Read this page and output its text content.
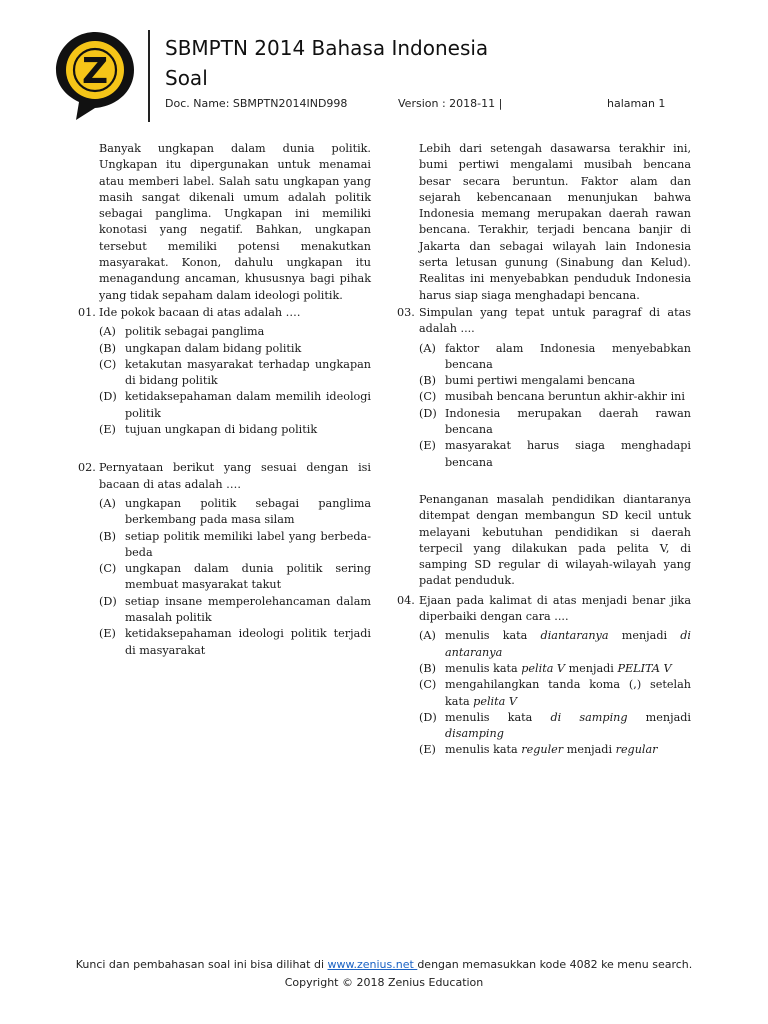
Z
SBMPTN 2014 Bahasa Indonesia
Soal
Doc. Name: SBMPTN2014IND998	Version : 2018-11 |	halaman 1

Banyak ungkapan dalam dunia politik. Ungkapan itu dipergunakan untuk menamai atau memberi label. Salah satu ungkapan yang masih sangat dikenali umum adalah politik sebagai panglima. Ungkapan ini memiliki konotasi yang negatif. Bahkan, ungkapan tersebut memiliki potensi menakutkan masyarakat. Konon, dahulu ungkapan itu menagandung ancaman, khususnya bagi pihak yang tidak sepaham dalam ideologi politik.

01. Ide pokok bacaan di atas adalah ….
(A) politik sebagai panglima
(B) ungkapan dalam bidang politik
(C) ketakutan masyarakat terhadap ungkapan di bidang politik
(D) ketidaksepahaman dalam memilih ideologi politik
(E) tujuan ungkapan di bidang politik
02. Pernyataan berikut yang sesuai dengan isi bacaan di atas adalah ….
(A) ungkapan politik sebagai panglima berkembang pada masa silam
(B) setiap politik memiliki label yang berbeda-beda
(C) ungkapan dalam dunia politik sering membuat masyarakat takut
(D) setiap insane memperolehancaman dalam masalah politik
(E) ketidaksepahaman ideologi politik terjadi di masyarakat

Lebih dari setengah dasawarsa terakhir ini, bumi pertiwi mengalami musibah bencana besar secara beruntun. Faktor alam dan sejarah kebencanaan menunjukan bahwa Indonesia memang merupakan daerah rawan bencana. Terakhir, terjadi bencana banjir di Jakarta dan sebagai wilayah lain Indonesia serta letusan gunung (Sinabung dan Kelud). Realitas ini menyebabkan penduduk Indonesia harus siap siaga menghadapi bencana.

03. Simpulan yang tepat untuk paragraf di atas adalah ....
(A) faktor alam Indonesia menyebabkan bencana
(B) bumi pertiwi mengalami bencana
(C) musibah bencana beruntun akhir-akhir ini
(D) Indonesia merupakan daerah rawan bencana
(E) masyarakat harus siaga menghadapi bencana

Penanganan masalah pendidikan diantaranya ditempat dengan membangun SD kecil untuk melayani kebutuhan pendidikan si daerah terpecil yang dilakukan pada pelita V, di samping SD regular di wilayah-wilayah yang padat penduduk.

04. Ejaan pada kalimat di atas menjadi benar jika diperbaiki dengan cara ....
(A) menulis kata diantaranya menjadi di antaranya
(B) menulis kata pelita V menjadi PELITA V
(C) mengahilangkan tanda koma (,) setelah kata pelita V
(D) menulis kata di samping menjadi disamping
(E) menulis kata reguler menjadi regular
Kunci dan pembahasan soal ini bisa dilihat di www.zenius.net dengan memasukkan kode 4082 ke menu search.
Copyright © 2018 Zenius Education
